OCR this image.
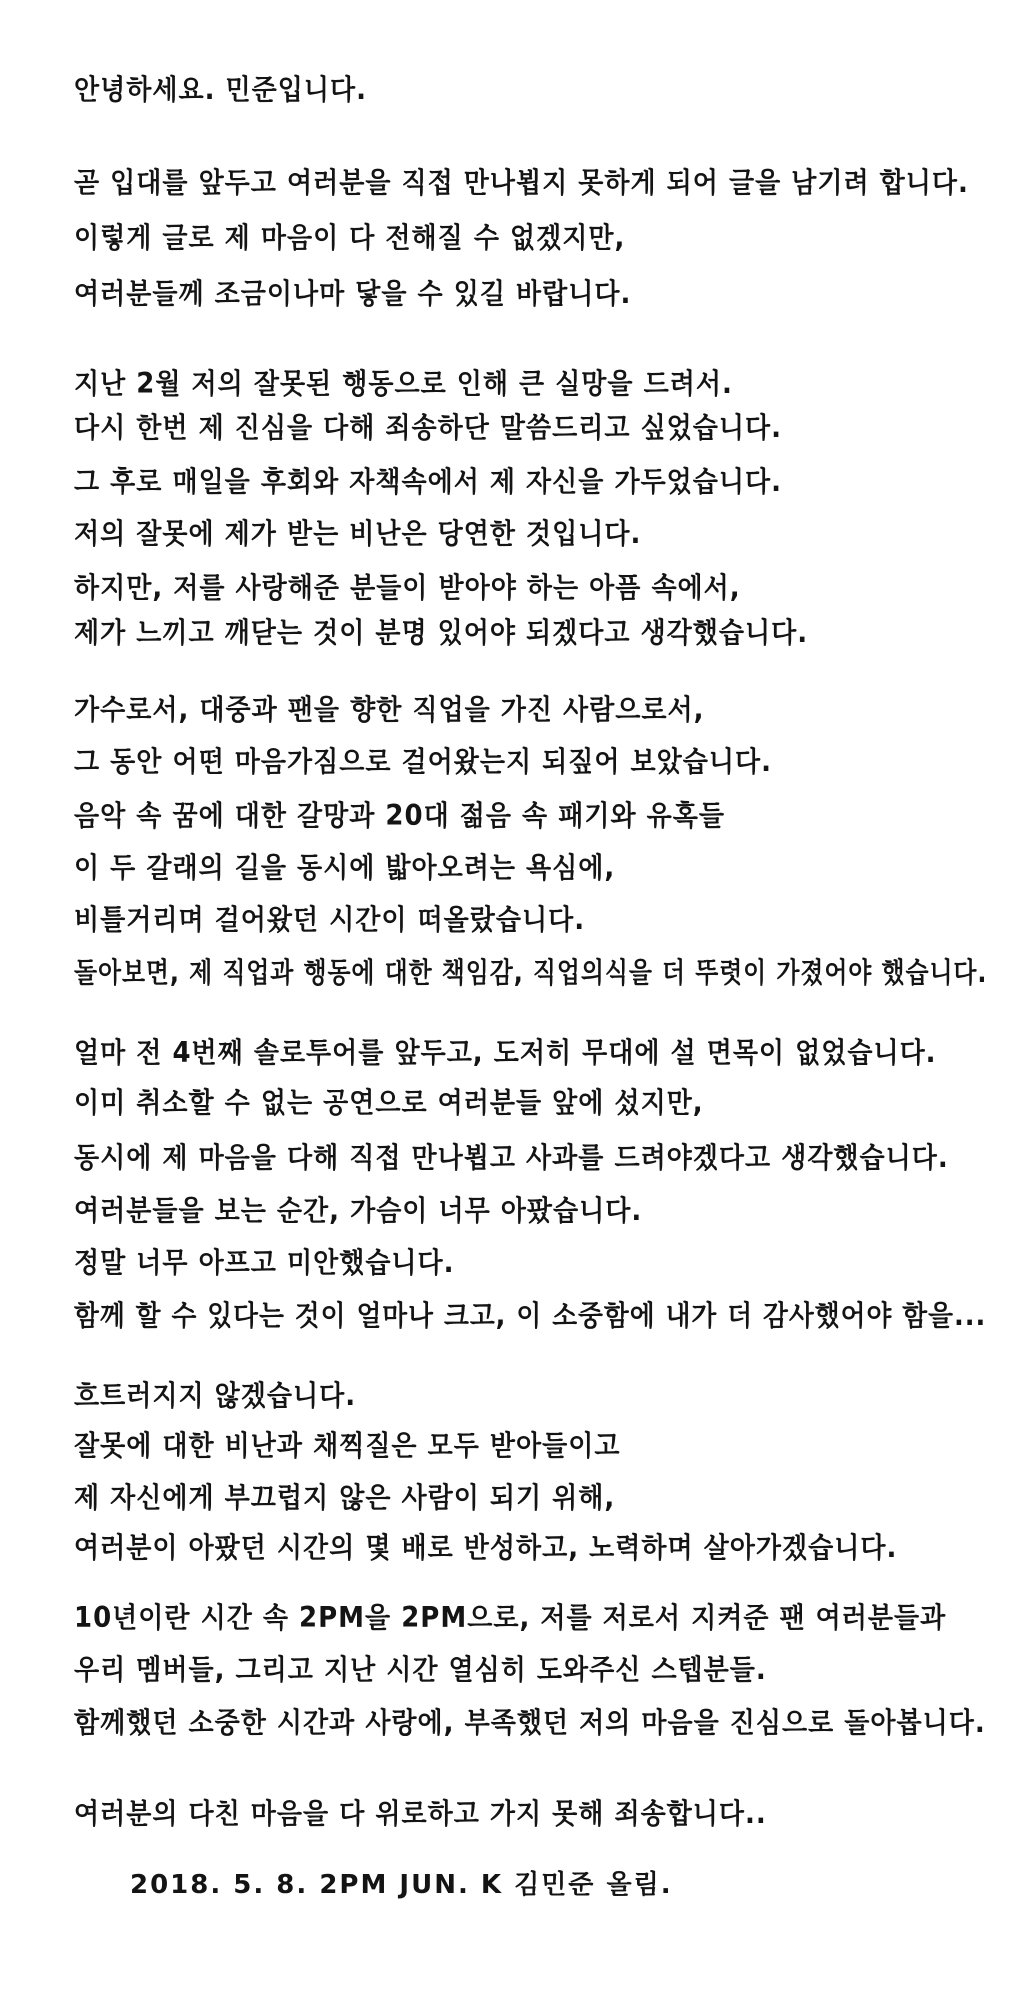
안녕하세요. 민준입니다.
곧 입대를 앞두고 여러분을 직접 만나뵙지 못하게 되어 글을 남기려 합니다.
이렇게 글로 제 마음이 다 전해질 수 없겠지만,
여러분들께 조금이나마 닿을 수 있길 바랍니다.
지난 2월 저의 잘못된 행동으로 인해 큰 실망을 드려서.
다시 한번 제 진심을 다해 죄송하단 말씀드리고 싶었습니다.
그 후로 매일을 후회와 자책속에서 제 자신을 가두었습니다.
저의 잘못에 제가 받는 비난은 당연한 것입니다.
하지만, 저를 사랑해준 분들이 받아야 하는 아픔 속에서,
제가 느끼고 깨닫는 것이 분명 있어야 되겠다고 생각했습니다.
가수로서, 대중과 팬을 향한 직업을 가진 사람으로서,
그 동안 어떤 마음가짐으로 걸어왔는지 되짚어 보았습니다.
음악 속 꿈에 대한 갈망과 20대 젊음 속 패기와 유혹들
이 두 갈래의 길을 동시에 밟아오려는 욕심에,
비틀거리며 걸어왔던 시간이 떠올랐습니다.
돌아보면, 제 직업과 행동에 대한 책임감, 직업의식을 더 뚜렷이 가졌어야 했습니다.
얼마 전 4번째 솔로투어를 앞두고, 도저히 무대에 설 면목이 없었습니다.
이미 취소할 수 없는 공연으로 여러분들 앞에 섰지만,
동시에 제 마음을 다해 직접 만나뵙고 사과를 드려야겠다고 생각했습니다.
여러분들을 보는 순간, 가슴이 너무 아팠습니다.
정말 너무 아프고 미안했습니다.
함께 할 수 있다는 것이 얼마나 크고, 이 소중함에 내가 더 감사했어야 함을...
흐트러지지 않겠습니다.
잘못에 대한 비난과 채찍질은 모두 받아들이고
제 자신에게 부끄럽지 않은 사람이 되기 위해,
여러분이 아팠던 시간의 몇 배로 반성하고, 노력하며 살아가겠습니다.
10년이란 시간 속 2PM을 2PM으로, 저를 저로서 지켜준 팬 여러분들과
우리 멤버들, 그리고 지난 시간 열심히 도와주신 스텝분들.
함께했던 소중한 시간과 사랑에, 부족했던 저의 마음을 진심으로 돌아봅니다.
여러분의 다친 마음을 다 위로하고 가지 못해 죄송합니다..
2018. 5. 8. 2PM JUN. K 김민준 올림.
